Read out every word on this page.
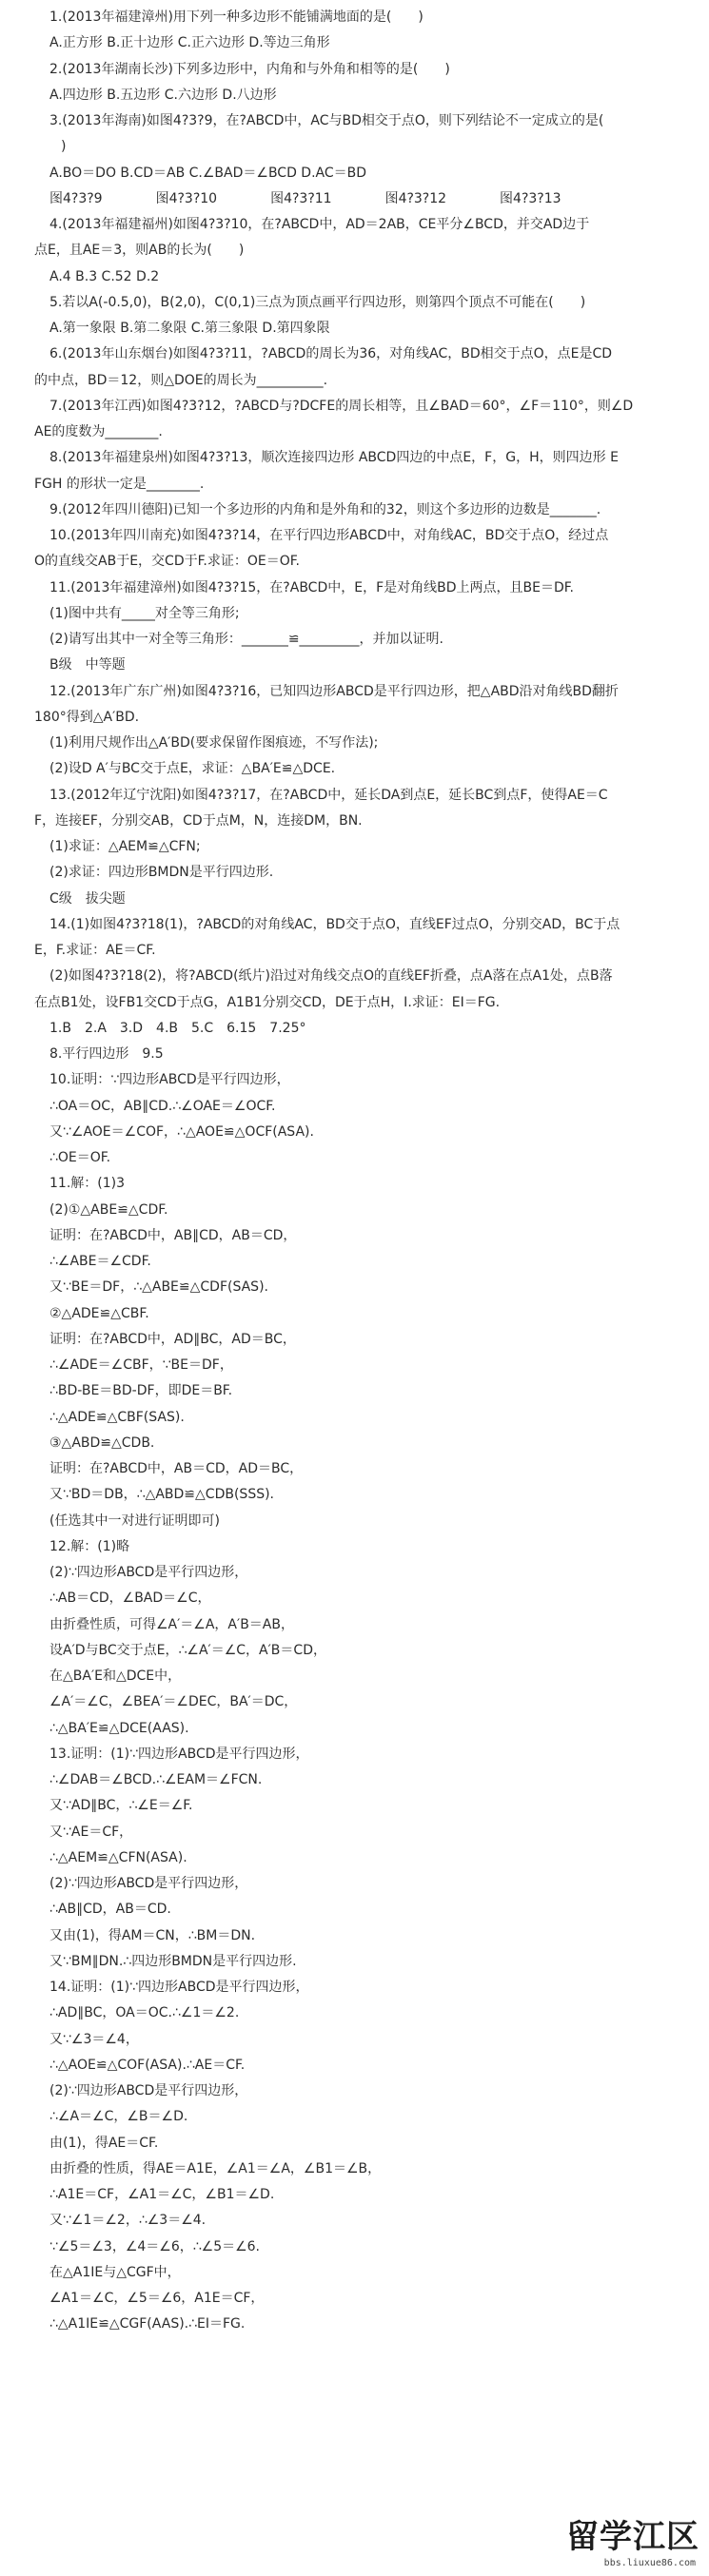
1.(2013年福建漳州)用下列一种多边形不能铺满地面的是(　　)
A.正方形 B.正十边形 C.正六边形 D.等边三角形
2.(2013年湖南长沙)下列多边形中，内角和与外角和相等的是(　　)
A.四边形 B.五边形 C.六边形 D.八边形
3.(2013年海南)如图4?3?9，在?ABCD中，AC与BD相交于点O，则下列结论不一定成立的是(
　　)
A.BO＝DO B.CD＝AB C.∠BAD＝∠BCD D.AC＝BD
图4?3?9　　　　图4?3?10　　　　图4?3?11　　　　图4?3?12　　　　图4?3?13
4.(2013年福建福州)如图4?3?10，在?ABCD中，AD＝2AB，CE平分∠BCD，并交AD边于
点E，且AE＝3，则AB的长为(　　)
A.4 B.3 C.52 D.2
5.若以A(-0.5,0)，B(2,0)，C(0,1)三点为顶点画平行四边形，则第四个顶点不可能在(　　)
A.第一象限 B.第二象限 C.第三象限 D.第四象限
6.(2013年山东烟台)如图4?3?11，?ABCD的周长为36，对角线AC，BD相交于点O，点E是CD
的中点，BD＝12，则△DOE的周长为__________.
7.(2013年江西)如图4?3?12，?ABCD与?DCFE的周长相等，且∠BAD＝60°，∠F＝110°，则∠D
AE的度数为________.
8.(2013年福建泉州)如图4?3?13，顺次连接四边形 ABCD四边的中点E，F，G，H，则四边形 E
FGH 的形状一定是________.
9.(2012年四川德阳)已知一个多边形的内角和是外角和的32，则这个多边形的边数是_______.
10.(2013年四川南充)如图4?3?14，在平行四边形ABCD中，对角线AC，BD交于点O，经过点
O的直线交AB于E，交CD于F.求证：OE＝OF.
11.(2013年福建漳州)如图4?3?15，在?ABCD中，E，F是对角线BD上两点，且BE＝DF.
(1)图中共有_____对全等三角形;
(2)请写出其中一对全等三角形：_______≌_________，并加以证明.
B级　中等题
12.(2013年广东广州)如图4?3?16，已知四边形ABCD是平行四边形，把△ABD沿对角线BD翻折
180°得到△A′BD.
(1)利用尺规作出△A′BD(要求保留作图痕迹，不写作法);
(2)设D A′与BC交于点E，求证：△BA′E≌△DCE.
13.(2012年辽宁沈阳)如图4?3?17，在?ABCD中，延长DA到点E，延长BC到点F，使得AE＝C
F，连接EF，分别交AB，CD于点M，N，连接DM，BN.
(1)求证：△AEM≌△CFN;
(2)求证：四边形BMDN是平行四边形.
C级　拔尖题
14.(1)如图4?3?18(1)，?ABCD的对角线AC，BD交于点O，直线EF过点O，分别交AD，BC于点
E，F.求证：AE＝CF.
(2)如图4?3?18(2)，将?ABCD(纸片)沿过对角线交点O的直线EF折叠，点A落在点A1处，点B落
在点B1处，设FB1交CD于点G，A1B1分别交CD，DE于点H，I.求证：EI＝FG.
1.B　2.A　3.D　4.B　5.C　6.15　7.25°
8.平行四边形　9.5
10.证明：∵四边形ABCD是平行四边形，
∴OA＝OC，AB∥CD.∴∠OAE＝∠OCF.
又∵∠AOE＝∠COF，∴△AOE≌△OCF(ASA).
∴OE＝OF.
11.解：(1)3
(2)①△ABE≌△CDF.
证明：在?ABCD中，AB∥CD，AB＝CD，
∴∠ABE＝∠CDF.
又∵BE＝DF，∴△ABE≌△CDF(SAS).
②△ADE≌△CBF.
证明：在?ABCD中，AD∥BC，AD＝BC，
∴∠ADE＝∠CBF，∵BE＝DF，
∴BD-BE＝BD-DF，即DE＝BF.
∴△ADE≌△CBF(SAS).
③△ABD≌△CDB.
证明：在?ABCD中，AB＝CD，AD＝BC，
又∵BD＝DB，∴△ABD≌△CDB(SSS).
(任选其中一对进行证明即可)
12.解：(1)略
(2)∵四边形ABCD是平行四边形，
∴AB＝CD，∠BAD＝∠C，
由折叠性质，可得∠A′＝∠A，A′B＝AB，
设A′D与BC交于点E，∴∠A′＝∠C，A′B＝CD，
在△BA′E和△DCE中，
∠A′＝∠C，∠BEA′＝∠DEC，BA′＝DC，
∴△BA′E≌△DCE(AAS).
13.证明：(1)∵四边形ABCD是平行四边形，
∴∠DAB＝∠BCD.∴∠EAM＝∠FCN.
又∵AD∥BC，∴∠E＝∠F.
又∵AE＝CF，
∴△AEM≌△CFN(ASA).
(2)∵四边形ABCD是平行四边形，
∴AB∥CD，AB＝CD.
又由(1)，得AM＝CN，∴BM＝DN.
又∵BM∥DN.∴四边形BMDN是平行四边形.
14.证明：(1)∵四边形ABCD是平行四边形，
∴AD∥BC，OA＝OC.∴∠1＝∠2.
又∵∠3＝∠4，
∴△AOE≌△COF(ASA).∴AE＝CF.
(2)∵四边形ABCD是平行四边形，
∴∠A＝∠C，∠B＝∠D.
由(1)，得AE＝CF.
由折叠的性质，得AE＝A1E，∠A1＝∠A，∠B1＝∠B，
∴A1E＝CF，∠A1＝∠C，∠B1＝∠D.
又∵∠1＝∠2，∴∠3＝∠4.
∵∠5＝∠3，∠4＝∠6，∴∠5＝∠6.
在△A1IE与△CGF中，
∠A1＝∠C，∠5＝∠6，A1E＝CF，
∴△A1IE≌△CGF(AAS).∴EI＝FG.
留学江区
bbs.liuxue86.com
